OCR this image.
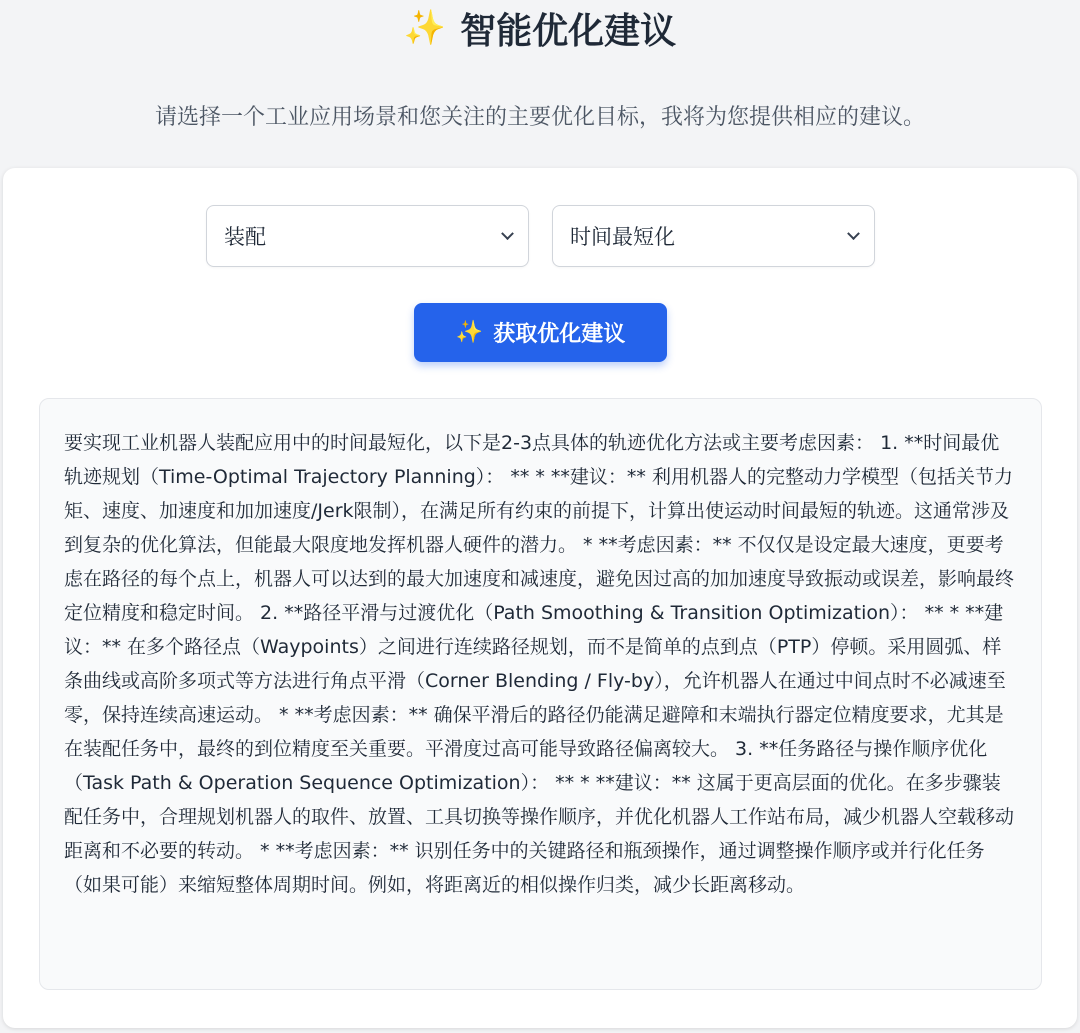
✨ 智能优化建议
请选择一个工业应用场景和您关注的主要优化目标，我将为您提供相应的建议。
装配	时间最短化
✨ 获取优化建议
要实现工业机器人装配应用中的时间最短化，以下是2-3点具体的轨迹优化方法或主要考虑因素： 1. **时间最优轨迹规划（Time-Optimal Trajectory Planning）： ** * **建议：** 利用机器人的完整动力学模型（包括关节力矩、速度、加速度和加加速度/Jerk限制），在满足所有约束的前提下，计算出使运动时间最短的轨迹。这通常涉及到复杂的优化算法，但能最大限度地发挥机器人硬件的潜力。 * **考虑因素：** 不仅仅是设定最大速度，更要考虑在路径的每个点上，机器人可以达到的最大加速度和减速度，避免因过高的加加速度导致振动或误差，影响最终定位精度和稳定时间。 2. **路径平滑与过渡优化（Path Smoothing & Transition Optimization）： ** * **建议：** 在多个路径点（Waypoints）之间进行连续路径规划，而不是简单的点到点（PTP）停顿。采用圆弧、样条曲线或高阶多项式等方法进行角点平滑（Corner Blending / Fly-by），允许机器人在通过中间点时不必减速至零，保持连续高速运动。 * **考虑因素：** 确保平滑后的路径仍能满足避障和末端执行器定位精度要求，尤其是在装配任务中，最终的到位精度至关重要。平滑度过高可能导致路径偏离较大。 3. **任务路径与操作顺序优化（Task Path & Operation Sequence Optimization）： ** * **建议：** 这属于更高层面的优化。在多步骤装配任务中，合理规划机器人的取件、放置、工具切换等操作顺序，并优化机器人工作站布局，减少机器人空载移动距离和不必要的转动。 * **考虑因素：** 识别任务中的关键路径和瓶颈操作，通过调整操作顺序或并行化任务（如果可能）来缩短整体周期时间。例如，将距离近的相似操作归类，减少长距离移动。
